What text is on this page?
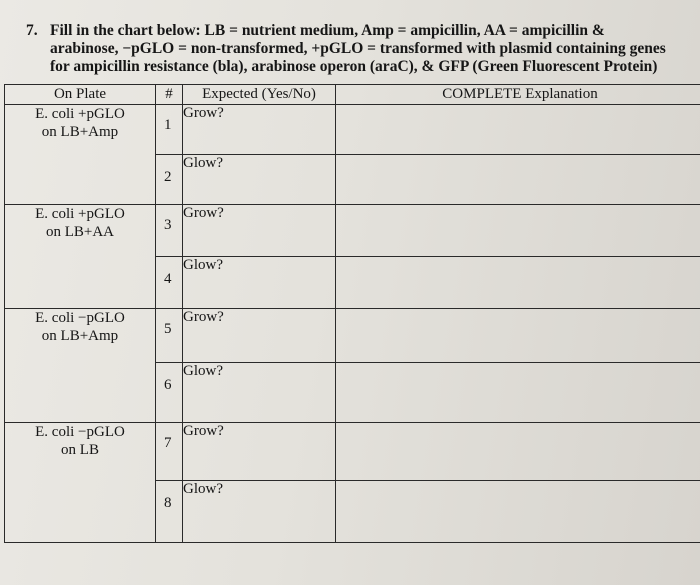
7. Fill in the chart below: LB = nutrient medium, Amp = ampicillin, AA = ampicillin &
arabinose, −pGLO = non-transformed, +pGLO = transformed with plasmid containing genes
for ampicillin resistance (bla), arabinose operon (araC), & GFP (Green Fluorescent Protein)
On Plate	#	Expected (Yes/No)	COMPLETE Explanation

E. coli +pGLO
on LB+Amp	1	Grow?	

	2	Glow?	

E. coli +pGLO
on LB+AA	3	Grow?	

	4	Glow?	

E. coli −pGLO
on LB+Amp	5	Grow?	

	6	Glow?	

E. coli −pGLO
on LB	7	Grow?	

	8	Glow?	
